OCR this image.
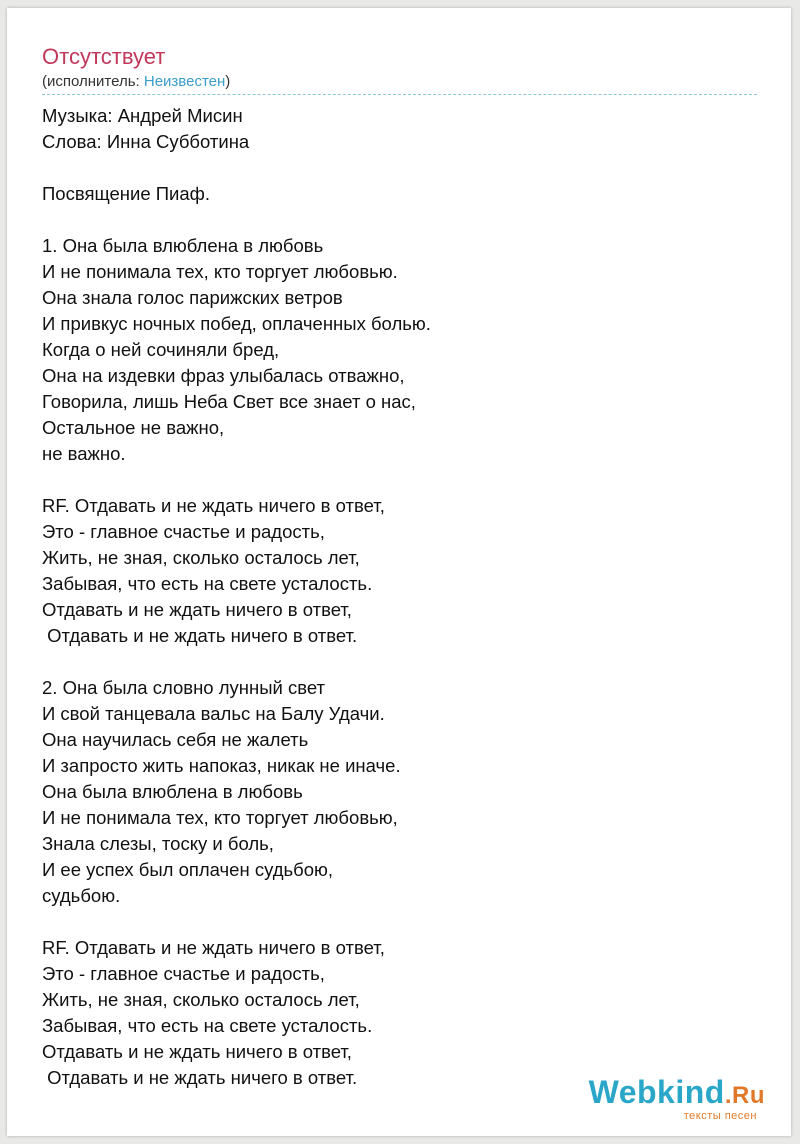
Отсутствует
(исполнитель: Неизвестен)
Музыка: Андрей Мисин
Слова: Инна Субботина
Посвящение Пиаф.
1. Она была влюблена в любовь
И не понимала тех, кто торгует любовью.
Она знала голос парижских ветров
И привкус ночных побед, оплаченных болью.
Когда о ней сочиняли бред,
Она на издевки фраз улыбалась отважно,
Говорила, лишь Неба Свет все знает о нас,
Остальное не важно,
не важно.
RF. Отдавать и не ждать ничего в ответ,
Это - главное счастье и радость,
Жить, не зная, сколько осталось лет,
Забывая, что есть на свете усталость.
Отдавать и не ждать ничего в ответ,
Отдавать и не ждать ничего в ответ.
2. Она была словно лунный свет
И свой танцевала вальс на Балу Удачи.
Она научилась себя не жалеть
И запросто жить напоказ, никак не иначе.
Она была влюблена в любовь
И не понимала тех, кто торгует любовью,
Знала слезы, тоску и боль,
И ее успех был оплачен судьбою,
судьбою.
RF. Отдавать и не ждать ничего в ответ,
Это - главное счастье и радость,
Жить, не зная, сколько осталось лет,
Забывая, что есть на свете усталость.
Отдавать и не ждать ничего в ответ,
Отдавать и не ждать ничего в ответ.	Webkind.Ru
тексты песен
